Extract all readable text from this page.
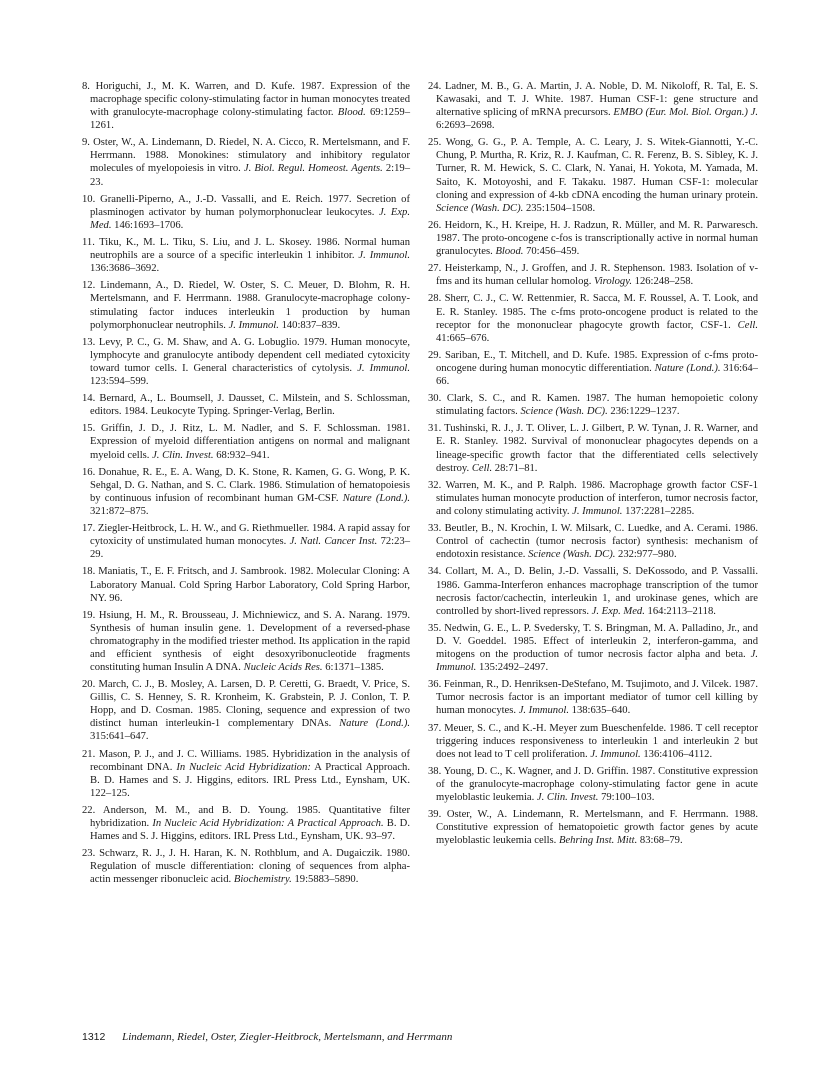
8. Horiguchi, J., M. K. Warren, and D. Kufe. 1987. Expression of the macrophage specific colony-stimulating factor in human monocytes treated with granulocyte-macrophage colony-stimulating factor. Blood. 69:1259–1261.
9. Oster, W., A. Lindemann, D. Riedel, N. A. Cicco, R. Mertelsmann, and F. Herrmann. 1988. Monokines: stimulatory and inhibitory regulator molecules of myelopoiesis in vitro. J. Biol. Regul. Homeost. Agents. 2:19–23.
10. Granelli-Piperno, A., J.-D. Vassalli, and E. Reich. 1977. Secretion of plasminogen activator by human polymorphonuclear leukocytes. J. Exp. Med. 146:1693–1706.
11. Tiku, K., M. L. Tiku, S. Liu, and J. L. Skosey. 1986. Normal human neutrophils are a source of a specific interleukin 1 inhibitor. J. Immunol. 136:3686–3692.
12. Lindemann, A., D. Riedel, W. Oster, S. C. Meuer, D. Blohm, R. H. Mertelsmann, and F. Herrmann. 1988. Granulocyte-macrophage colony-stimulating factor induces interleukin 1 production by human polymorphonuclear neutrophils. J. Immunol. 140:837–839.
13. Levy, P. C., G. M. Shaw, and A. G. Lobuglio. 1979. Human monocyte, lymphocyte and granulocyte antibody dependent cell mediated cytoxicity toward tumor cells. I. General characteristics of cytolysis. J. Immunol. 123:594–599.
14. Bernard, A., L. Boumsell, J. Dausset, C. Milstein, and S. Schlossman, editors. 1984. Leukocyte Typing. Springer-Verlag, Berlin.
15. Griffin, J. D., J. Ritz, L. M. Nadler, and S. F. Schlossman. 1981. Expression of myeloid differentiation antigens on normal and malignant myeloid cells. J. Clin. Invest. 68:932–941.
16. Donahue, R. E., E. A. Wang, D. K. Stone, R. Kamen, G. G. Wong, P. K. Sehgal, D. G. Nathan, and S. C. Clark. 1986. Stimulation of hematopoiesis by continuous infusion of recombinant human GM-CSF. Nature (Lond.). 321:872–875.
17. Ziegler-Heitbrock, L. H. W., and G. Riethmueller. 1984. A rapid assay for cytoxicity of unstimulated human monocytes. J. Natl. Cancer Inst. 72:23–29.
18. Maniatis, T., E. F. Fritsch, and J. Sambrook. 1982. Molecular Cloning: A Laboratory Manual. Cold Spring Harbor Laboratory, Cold Spring Harbor, NY. 96.
19. Hsiung, H. M., R. Brousseau, J. Michniewicz, and S. A. Narang. 1979. Synthesis of human insulin gene. 1. Development of a reversed-phase chromatography in the modified triester method. Its application in the rapid and efficient synthesis of eight desoxyribonucleotide fragments constituting human Insulin A DNA. Nucleic Acids Res. 6:1371–1385.
20. March, C. J., B. Mosley, A. Larsen, D. P. Ceretti, G. Braedt, V. Price, S. Gillis, C. S. Henney, S. R. Kronheim, K. Grabstein, P. J. Conlon, T. P. Hopp, and D. Cosman. 1985. Cloning, sequence and expression of two distinct human interleukin-1 complementary DNAs. Nature (Lond.). 315:641–647.
21. Mason, P. J., and J. C. Williams. 1985. Hybridization in the analysis of recombinant DNA. In Nucleic Acid Hybridization: A Practical Approach. B. D. Hames and S. J. Higgins, editors. IRL Press Ltd., Eynsham, UK. 122–125.
22. Anderson, M. M., and B. D. Young. 1985. Quantitative filter hybridization. In Nucleic Acid Hybridization: A Practical Approach. B. D. Hames and S. J. Higgins, editors. IRL Press Ltd., Eynsham, UK. 93–97.
23. Schwarz, R. J., J. H. Haran, K. N. Rothblum, and A. Dugaiczik. 1980. Regulation of muscle differentiation: cloning of sequences from alpha-actin messenger ribonucleic acid. Biochemistry. 19:5883–5890.
24. Ladner, M. B., G. A. Martin, J. A. Noble, D. M. Nikoloff, R. Tal, E. S. Kawasaki, and T. J. White. 1987. Human CSF-1: gene structure and alternative splicing of mRNA precursors. EMBO (Eur. Mol. Biol. Organ.) J. 6:2693–2698.
25. Wong, G. G., P. A. Temple, A. C. Leary, J. S. Witek-Giannotti, Y.-C. Chung, P. Murtha, R. Kriz, R. J. Kaufman, C. R. Ferenz, B. S. Sibley, K. J. Turner, R. M. Hewick, S. C. Clark, N. Yanai, H. Yokota, M. Yamada, M. Saito, K. Motoyoshi, and F. Takaku. 1987. Human CSF-1: molecular cloning and expression of 4-kb cDNA encoding the human urinary protein. Science (Wash. DC). 235:1504–1508.
26. Heidorn, K., H. Kreipe, H. J. Radzun, R. Müller, and M. R. Parwaresch. 1987. The proto-oncogene c-fos is transcriptionally active in normal human granulocytes. Blood. 70:456–459.
27. Heisterkamp, N., J. Groffen, and J. R. Stephenson. 1983. Isolation of v-fms and its human cellular homolog. Virology. 126:248–258.
28. Sherr, C. J., C. W. Rettenmier, R. Sacca, M. F. Roussel, A. T. Look, and E. R. Stanley. 1985. The c-fms proto-oncogene product is related to the receptor for the mononuclear phagocyte growth factor, CSF-1. Cell. 41:665–676.
29. Sariban, E., T. Mitchell, and D. Kufe. 1985. Expression of c-fms proto-oncogene during human monocytic differentiation. Nature (Lond.). 316:64–66.
30. Clark, S. C., and R. Kamen. 1987. The human hemopoietic colony stimulating factors. Science (Wash. DC). 236:1229–1237.
31. Tushinski, R. J., J. T. Oliver, L. J. Gilbert, P. W. Tynan, J. R. Warner, and E. R. Stanley. 1982. Survival of mononuclear phagocytes depends on a lineage-specific growth factor that the differentiated cells selectively destroy. Cell. 28:71–81.
32. Warren, M. K., and P. Ralph. 1986. Macrophage growth factor CSF-1 stimulates human monocyte production of interferon, tumor necrosis factor, and colony stimulating activity. J. Immunol. 137:2281–2285.
33. Beutler, B., N. Krochin, I. W. Milsark, C. Luedke, and A. Cerami. 1986. Control of cachectin (tumor necrosis factor) synthesis: mechanism of endotoxin resistance. Science (Wash. DC). 232:977–980.
34. Collart, M. A., D. Belin, J.-D. Vassalli, S. DeKossodo, and P. Vassalli. 1986. Gamma-Interferon enhances macrophage transcription of the tumor necrosis factor/cachectin, interleukin 1, and urokinase genes, which are controlled by short-lived repressors. J. Exp. Med. 164:2113–2118.
35. Nedwin, G. E., L. P. Svedersky, T. S. Bringman, M. A. Palladino, Jr., and D. V. Goeddel. 1985. Effect of interleukin 2, interferon-gamma, and mitogens on the production of tumor necrosis factor alpha and beta. J. Immunol. 135:2492–2497.
36. Feinman, R., D. Henriksen-DeStefano, M. Tsujimoto, and J. Vilcek. 1987. Tumor necrosis factor is an important mediator of tumor cell killing by human monocytes. J. Immunol. 138:635–640.
37. Meuer, S. C., and K.-H. Meyer zum Bueschenfelde. 1986. T cell receptor triggering induces responsiveness to interleukin 1 and interleukin 2 but does not lead to T cell proliferation. J. Immunol. 136:4106–4112.
38. Young, D. C., K. Wagner, and J. D. Griffin. 1987. Constitutive expression of the granulocyte-macrophage colony-stimulating factor gene in acute myeloblastic leukemia. J. Clin. Invest. 79:100–103.
39. Oster, W., A. Lindemann, R. Mertelsmann, and F. Herrmann. 1988. Constitutive expression of hematopoietic growth factor genes by acute myeloblastic leukemia cells. Behring Inst. Mitt. 83:68–79.
1312 Lindemann, Riedel, Oster, Ziegler-Heitbrock, Mertelsmann, and Herrmann
